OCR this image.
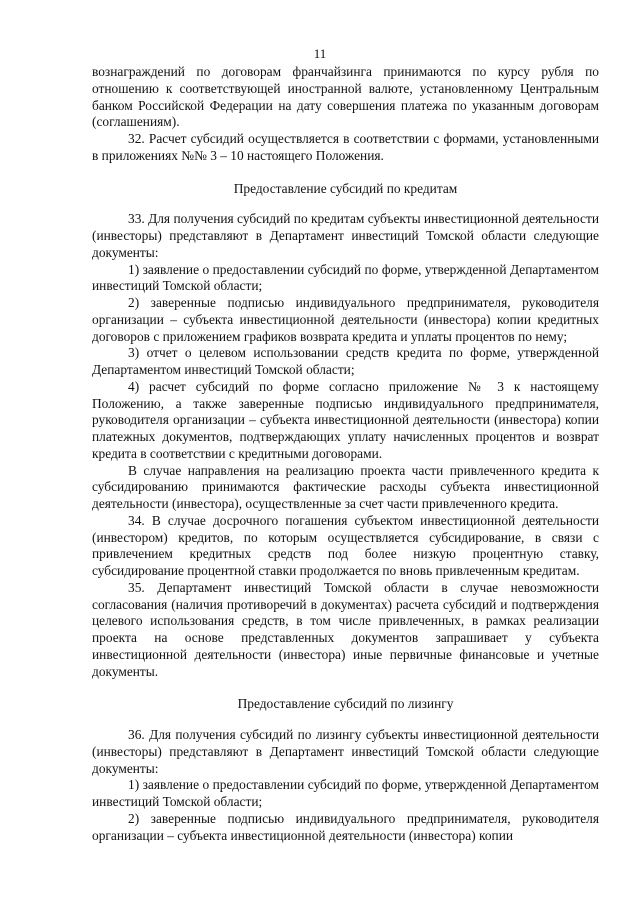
11

вознаграждений по договорам франчайзинга принимаются по курсу рубля по отношению к соответствующей иностранной валюте, установленному Центральным банком Российской Федерации на дату совершения платежа по указанным договорам (соглашениям).

32. Расчет субсидий осуществляется в соответствии с формами, установленными в приложениях №№ 3 – 10 настоящего Положения.

Предоставление субсидий по кредитам

33. Для получения субсидий по кредитам субъекты инвестиционной деятельности (инвесторы) представляют в Департамент инвестиций Томской области следующие документы:

1) заявление о предоставлении субсидий по форме, утвержденной Департаментом инвестиций Томской области;

2) заверенные подписью индивидуального предпринимателя, руководителя организации – субъекта инвестиционной деятельности (инвестора) копии кредитных договоров с приложением графиков возврата кредита и уплаты процентов по нему;

3) отчет о целевом использовании средств кредита по форме, утвержденной Департаментом инвестиций Томской области;

4) расчет субсидий по форме согласно приложение № 3 к настоящему Положению, а также заверенные подписью индивидуального предпринимателя, руководителя организации – субъекта инвестиционной деятельности (инвестора) копии платежных документов, подтверждающих уплату начисленных процентов и возврат кредита в соответствии с кредитными договорами.

В случае направления на реализацию проекта части привлеченного кредита к субсидированию принимаются фактические расходы субъекта инвестиционной деятельности (инвестора), осуществленные за счет части привлеченного кредита.

34. В случае досрочного погашения субъектом инвестиционной деятельности (инвестором) кредитов, по которым осуществляется субсидирование, в связи с привлечением кредитных средств под более низкую процентную ставку, субсидирование процентной ставки продолжается по вновь привлеченным кредитам.

35. Департамент инвестиций Томской области в случае невозможности согласования (наличия противоречий в документах) расчета субсидий и подтверждения целевого использования средств, в том числе привлеченных, в рамках реализации проекта на основе представленных документов запрашивает у субъекта инвестиционной деятельности (инвестора) иные первичные финансовые и учетные документы.

Предоставление субсидий по лизингу

36. Для получения субсидий по лизингу субъекты инвестиционной деятельности (инвесторы) представляют в Департамент инвестиций Томской области следующие документы:

1) заявление о предоставлении субсидий по форме, утвержденной Департаментом инвестиций Томской области;

2) заверенные подписью индивидуального предпринимателя, руководителя организации – субъекта инвестиционной деятельности (инвестора) копии
